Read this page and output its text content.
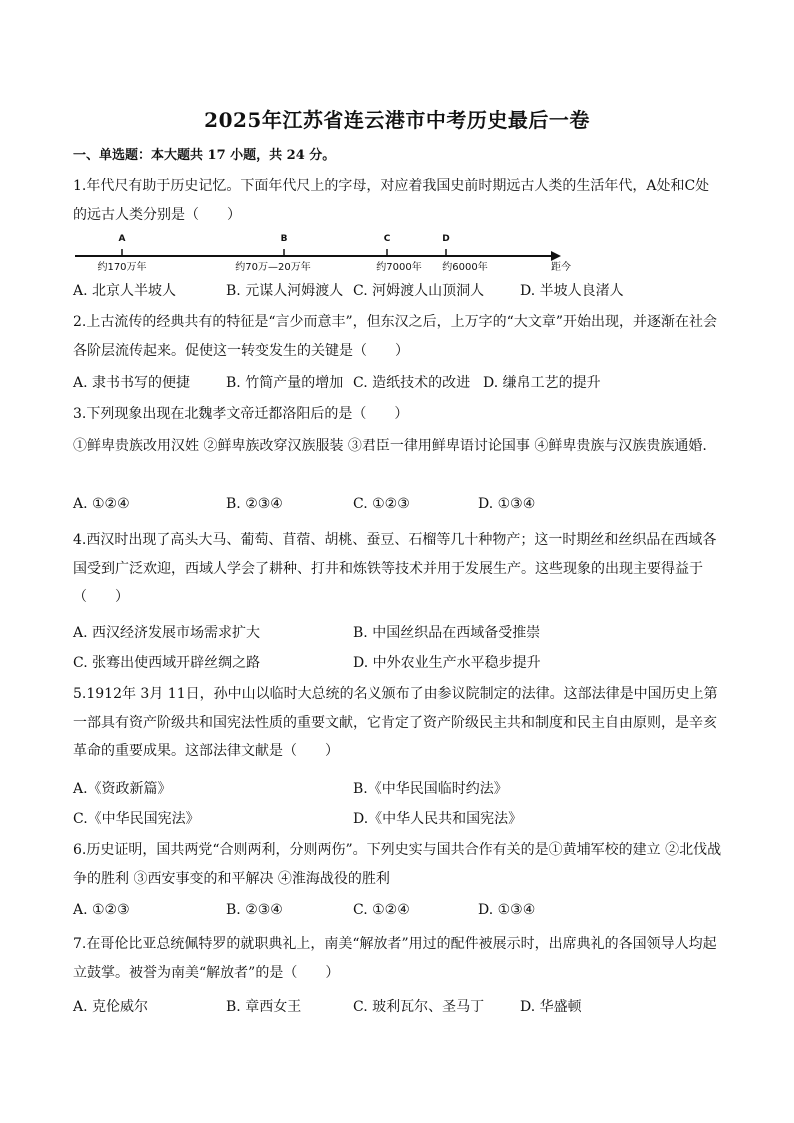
2025年江苏省连云港市中考历史最后一卷
一、单选题：本大题共 17 小题，共 24 分。
1.年代尺有助于历史记忆。下面年代尺上的字母，对应着我国史前时期远古人类的生活年代，A处和C处的远古人类分别是（　　）
A	B	C	D
约170万年	约70万—20万年	约7000年 约6000年	距今
A. 北京人半坡人	B. 元谋人河姆渡人 C. 河姆渡人山顶洞人	D. 半坡人良渚人
2.上古流传的经典共有的特征是“言少而意丰”，但东汉之后，上万字的“大文章”开始出现，并逐渐在社会各阶层流传起来。促使这一转变发生的关键是（　　）
A. 隶书书写的便捷	B. 竹简产量的增加 C. 造纸技术的改进 D. 缣帛工艺的提升
3.下列现象出现在北魏孝文帝迁都洛阳后的是（　　）
①鲜卑贵族改用汉姓 ②鲜卑族改穿汉族服装 ③君臣一律用鲜卑语讨论国事 ④鲜卑贵族与汉族贵族通婚.
A. ①②④	B. ②③④	C. ①②③	D. ①③④
4.西汉时出现了高头大马、葡萄、苜蓿、胡桃、蚕豆、石榴等几十种物产；这一时期丝和丝织品在西域各国受到广泛欢迎，西域人学会了耕种、打井和炼铁等技术并用于发展生产。这些现象的出现主要得益于（　　）
A. 西汉经济发展市场需求扩大	B. 中国丝织品在西域备受推崇
C. 张骞出使西域开辟丝绸之路	D. 中外农业生产水平稳步提升
5.1912年 3月 11日，孙中山以临时大总统的名义颁布了由参议院制定的法律。这部法律是中国历史上第一部具有资产阶级共和国宪法性质的重要文献，它肯定了资产阶级民主共和制度和民主自由原则，是辛亥革命的重要成果。这部法律文献是（　　）
A.《资政新篇》	B.《中华民国临时约法》
C.《中华民国宪法》	D.《中华人民共和国宪法》
6.历史证明，国共两党“合则两利，分则两伤”。下列史实与国共合作有关的是①黄埔军校的建立 ②北伐战争的胜利 ③西安事变的和平解决 ④淮海战役的胜利
A. ①②③	B. ②③④	C. ①②④	D. ①③④
7.在哥伦比亚总统佩特罗的就职典礼上，南美“解放者”用过的配件被展示时，出席典礼的各国领导人均起立鼓掌。被誉为南美“解放者”的是（　　）
A. 克伦威尔	B. 章西女王	C. 玻利瓦尔、圣马丁	D. 华盛顿
